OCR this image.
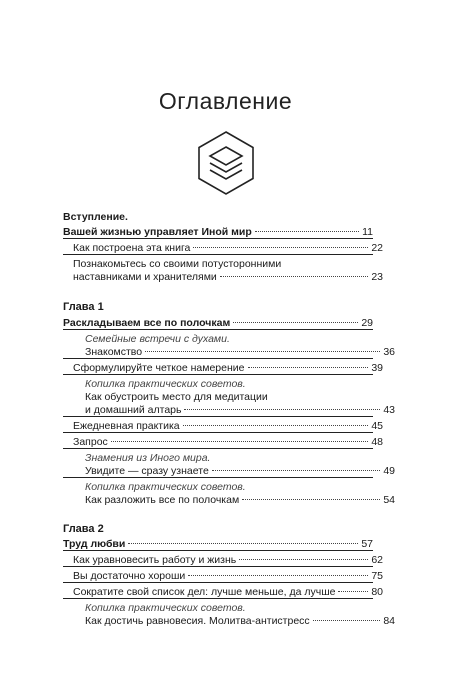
Оглавление
Вступление.
Вашей жизнью управляет Иной мир	11
Как построена эта книга	22
Познакомьтесь со своими потусторонними
наставниками и хранителями	23
Глава 1
Раскладываем все по полочкам	29
Семейные встречи с духами.
Знакомство	36
Сформулируйте четкое намерение	39
Копилка практических советов.
Как обустроить место для медитации
и домашний алтарь	43
Ежедневная практика	45
Запрос	48
Знамения из Иного мира.
Увидите — сразу узнаете	49
Копилка практических советов.
Как разложить все по полочкам	54
Глава 2
Труд любви	57
Как уравновесить работу и жизнь	62
Вы достаточно хороши	75
Сократите свой список дел: лучше меньше, да лучше	80
Копилка практических советов.
Как достичь равновесия. Молитва-антистресс	84
